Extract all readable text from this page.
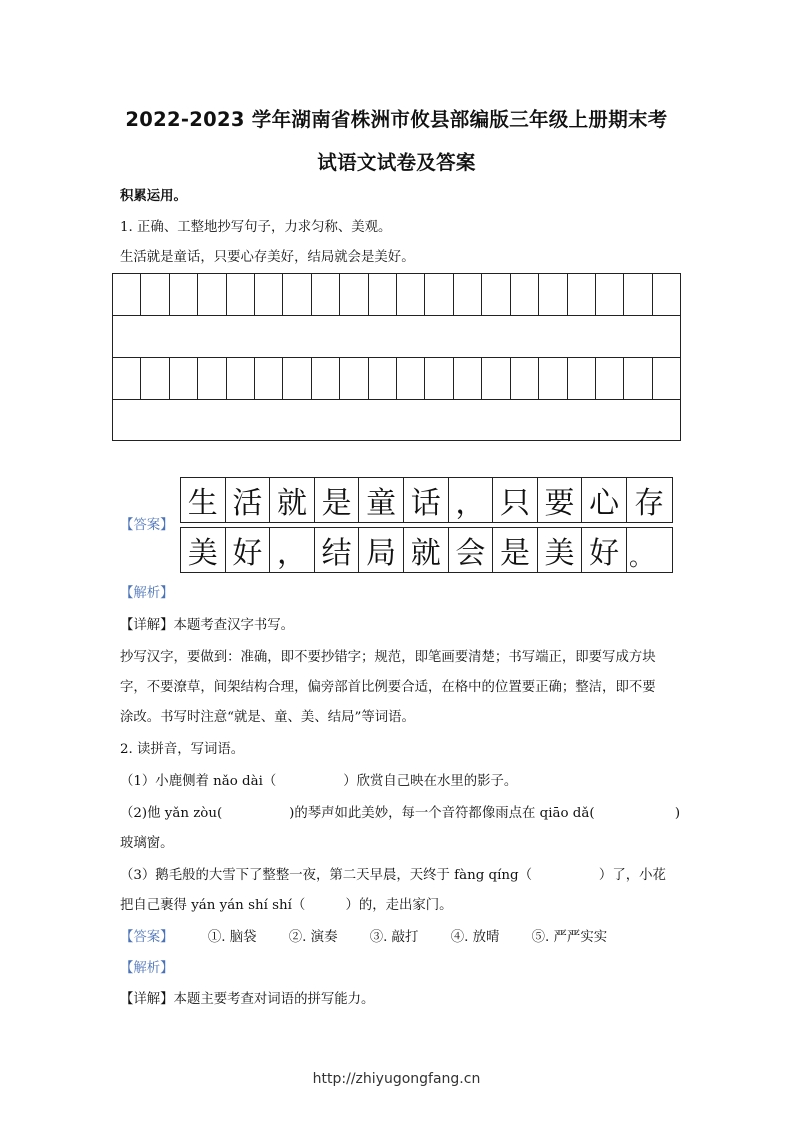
2022-2023 学年湖南省株洲市攸县部编版三年级上册期末考
试语文试卷及答案
积累运用。
1. 正确、工整地抄写句子，力求匀称、美观。
生活就是童话，只要心存美好，结局就会是美好。
【答案】
生 活 就 是 童 话 ， 只 要 心 存
美 好 ， 结 局 就 会 是 美 好 。
【解析】
【详解】本题考查汉字书写。
抄写汉字，要做到：准确，即不要抄错字；规范，即笔画要清楚；书写端正，即要写成方块
字，不要潦草，间架结构合理，偏旁部首比例要合适，在格中的位置要正确；整洁，即不要
涂改。书写时注意“就是、童、美、结局”等词语。
2. 读拼音，写词语。
（1）小鹿侧着 nǎo dài（　　　　　）欣赏自己映在水里的影子。
（2)他 yǎn zòu(　　　　　)的琴声如此美妙，每一个音符都像雨点在 qiāo dǎ(　　　　　　)
玻璃窗。
（3）鹅毛般的大雪下了整整一夜，第二天早晨，天终于 fàng qíng（　　　　　）了，小花
把自己裹得 yán yán shí shí（　　　）的，走出家门。
【答案】	①. 脑袋 ②. 演奏 ③. 敲打 ④. 放晴 ⑤. 严严实实
【解析】
【详解】本题主要考查对词语的拼写能力。
http://zhiyugongfang.cn
